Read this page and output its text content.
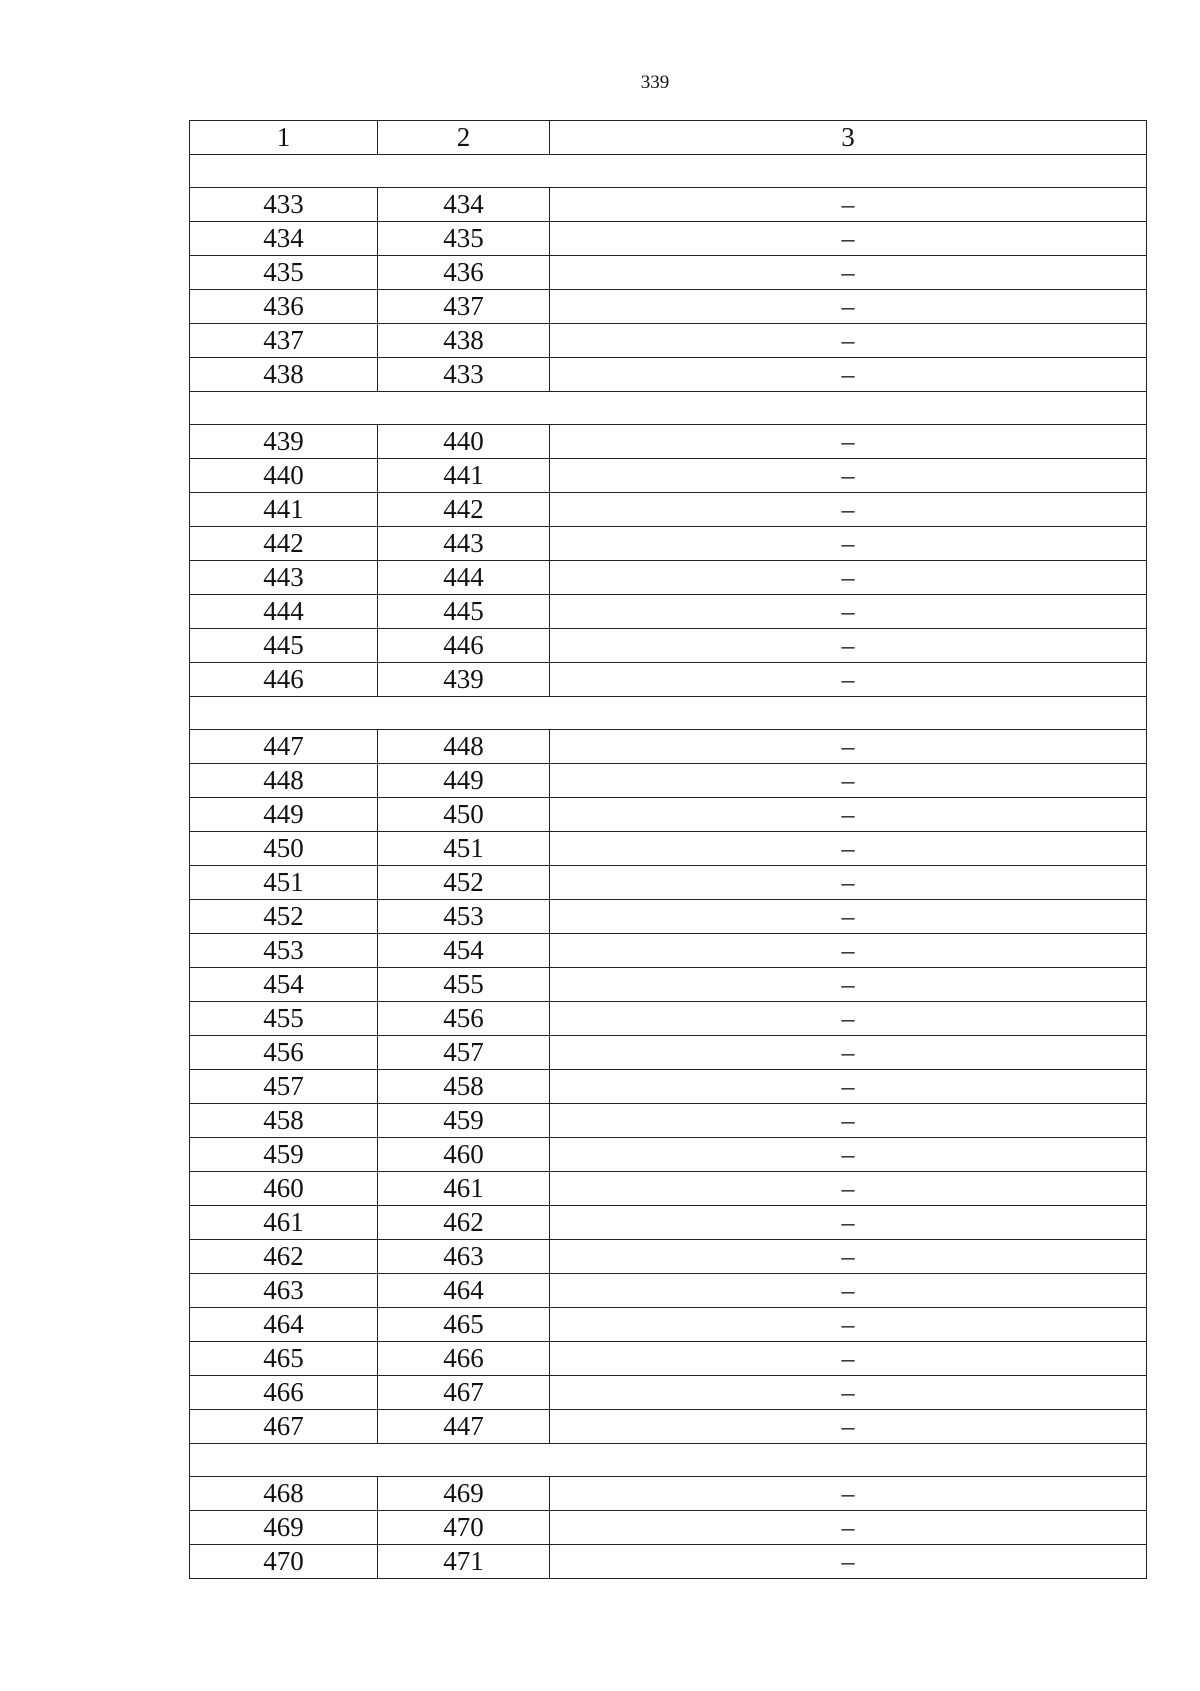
339
1	2	3

433	434	–
434	435	–
435	436	–
436	437	–
437	438	–
438	433	–

439	440	–
440	441	–
441	442	–
442	443	–
443	444	–
444	445	–
445	446	–
446	439	–

447	448	–
448	449	–
449	450	–
450	451	–
451	452	–
452	453	–
453	454	–
454	455	–
455	456	–
456	457	–
457	458	–
458	459	–
459	460	–
460	461	–
461	462	–
462	463	–
463	464	–
464	465	–
465	466	–
466	467	–
467	447	–

468	469	–
469	470	–
470	471	–
